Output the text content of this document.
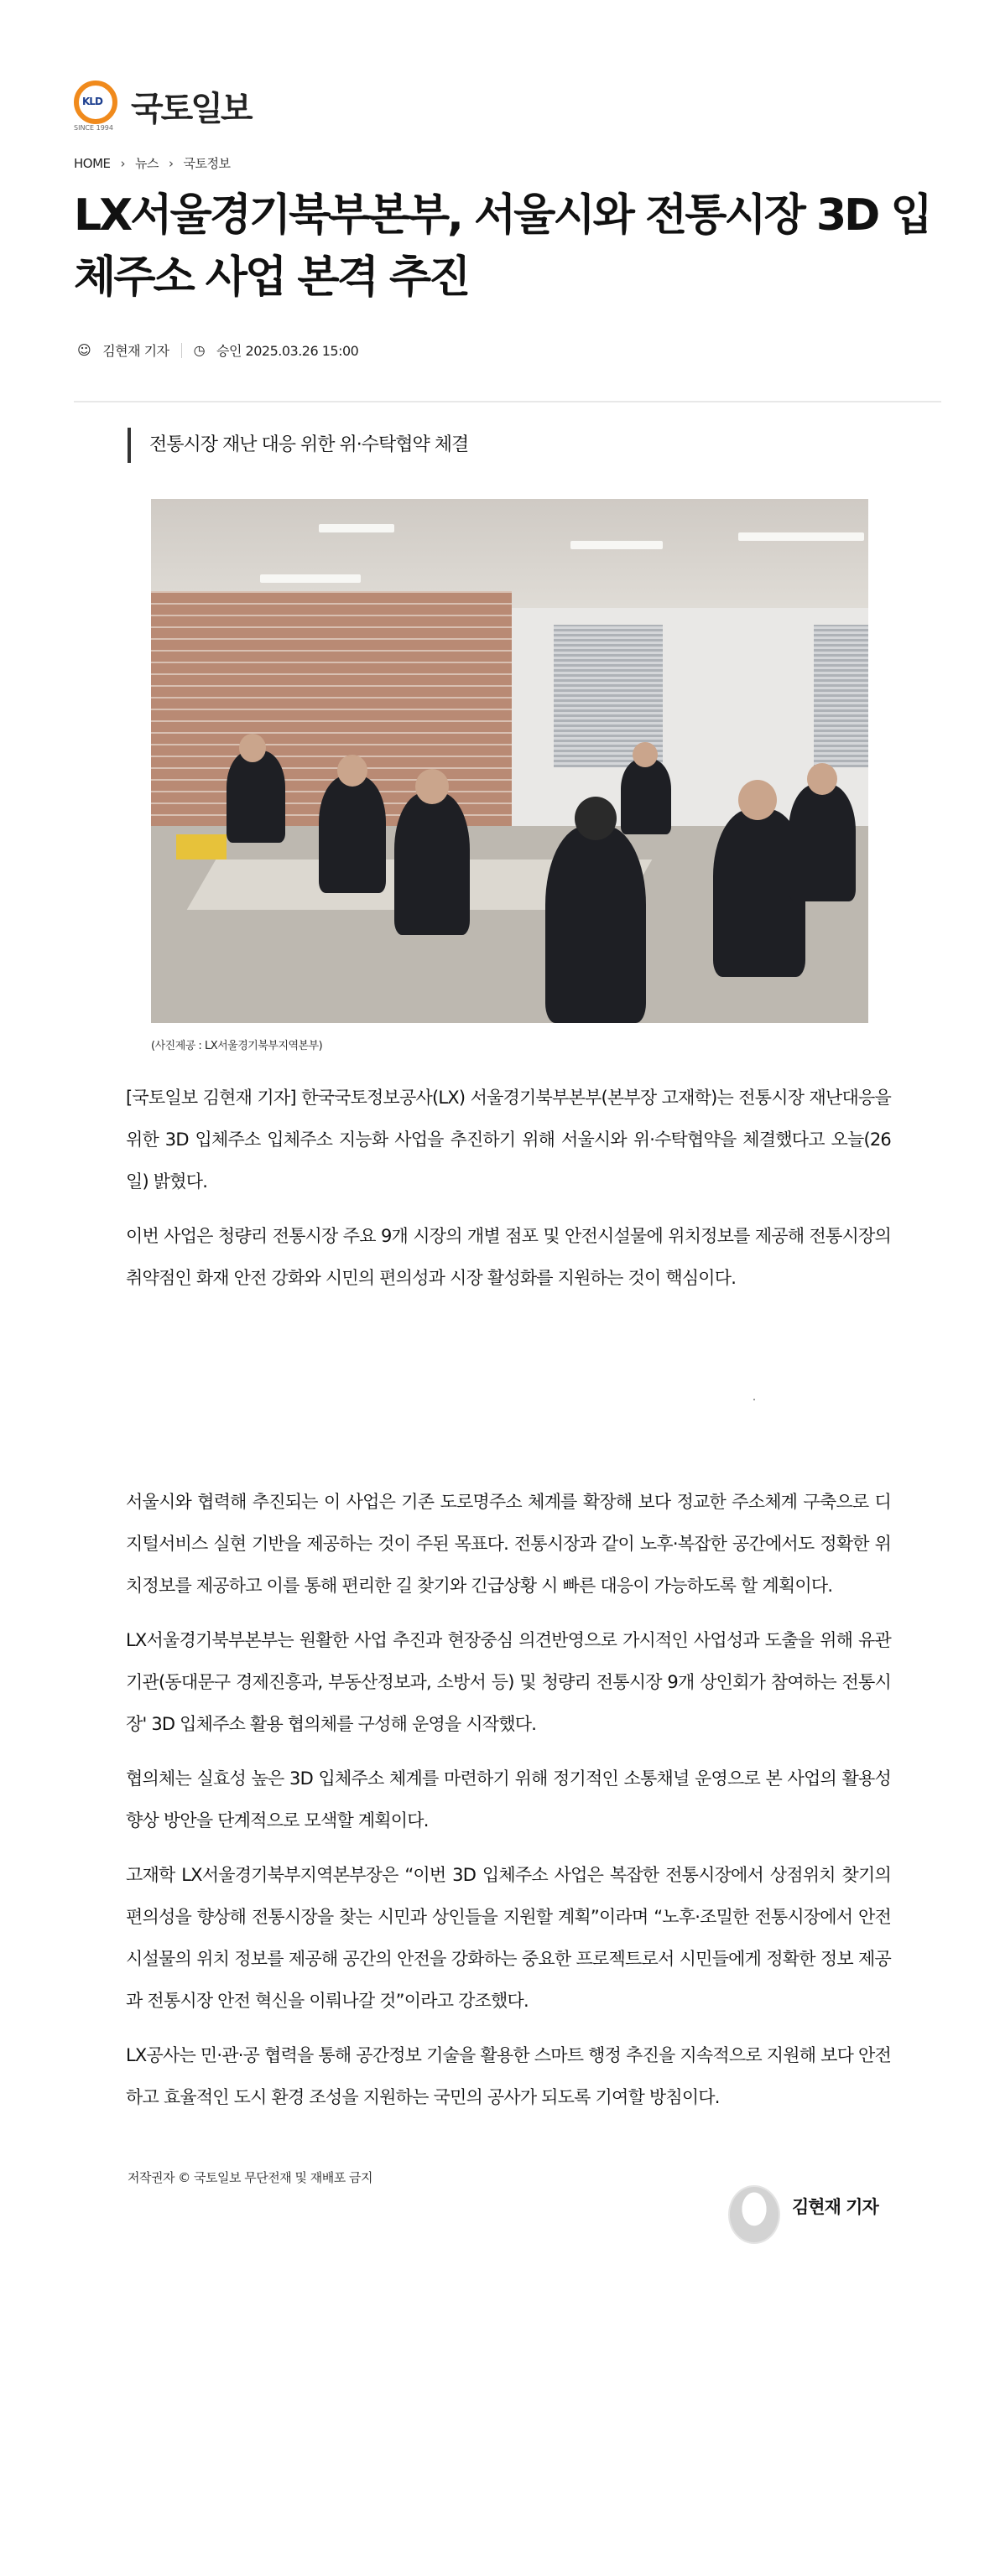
KLD
SINCE 1994 국토일보
HOME › 뉴스 › 국토정보
LX서울경기북부본부, 서울시와 전통시장 3D 입체주소 사업 본격 추진
☺ 김현재 기자 ◷ 승인 2025.03.26 15:00
전통시장 재난 대응 위한 위·수탁협약 체결
(사진제공 : LX서울경기북부지역본부)

[국토일보 김현재 기자] 한국국토정보공사(LX) 서울경기북부본부(본부장 고재학)는 전통시장 재난대응을 위한 3D 입체주소 입체주소 지능화 사업을 추진하기 위해 서울시와 위·수탁협약을 체결했다고 오늘(26일) 밝혔다.

이번 사업은 청량리 전통시장 주요 9개 시장의 개별 점포 및 안전시설물에 위치정보를 제공해 전통시장의 취약점인 화재 안전 강화와 시민의 편의성과 시장 활성화를 지원하는 것이 핵심이다.

서울시와 협력해 추진되는 이 사업은 기존 도로명주소 체계를 확장해 보다 정교한 주소체계 구축으로 디지털서비스 실현 기반을 제공하는 것이 주된 목표다. 전통시장과 같이 노후·복잡한 공간에서도 정확한 위치정보를 제공하고 이를 통해 편리한 길 찾기와 긴급상황 시 빠른 대응이 가능하도록 할 계획이다.

LX서울경기북부본부는 원활한 사업 추진과 현장중심 의견반영으로 가시적인 사업성과 도출을 위해 유관기관(동대문구 경제진흥과, 부동산정보과, 소방서 등) 및 청량리 전통시장 9개 상인회가 참여하는 전통시장' 3D 입체주소 활용 협의체를 구성해 운영을 시작했다.

협의체는 실효성 높은 3D 입체주소 체계를 마련하기 위해 정기적인 소통채널 운영으로 본 사업의 활용성 향상 방안을 단계적으로 모색할 계획이다.

고재학 LX서울경기북부지역본부장은 “이번 3D 입체주소 사업은 복잡한 전통시장에서 상점위치 찾기의 편의성을 향상해 전통시장을 찾는 시민과 상인들을 지원할 계획”이라며 “노후·조밀한 전통시장에서 안전시설물의 위치 정보를 제공해 공간의 안전을 강화하는 중요한 프로젝트로서 시민들에게 정확한 정보 제공과 전통시장 안전 혁신을 이뤄나갈 것”이라고 강조했다.

LX공사는 민·관·공 협력을 통해 공간정보 기술을 활용한 스마트 행정 추진을 지속적으로 지원해 보다 안전하고 효율적인 도시 환경 조성을 지원하는 국민의 공사가 되도록 기여할 방침이다.

저작권자 © 국토일보 무단전재 및 재배포 금지
김현재 기자
